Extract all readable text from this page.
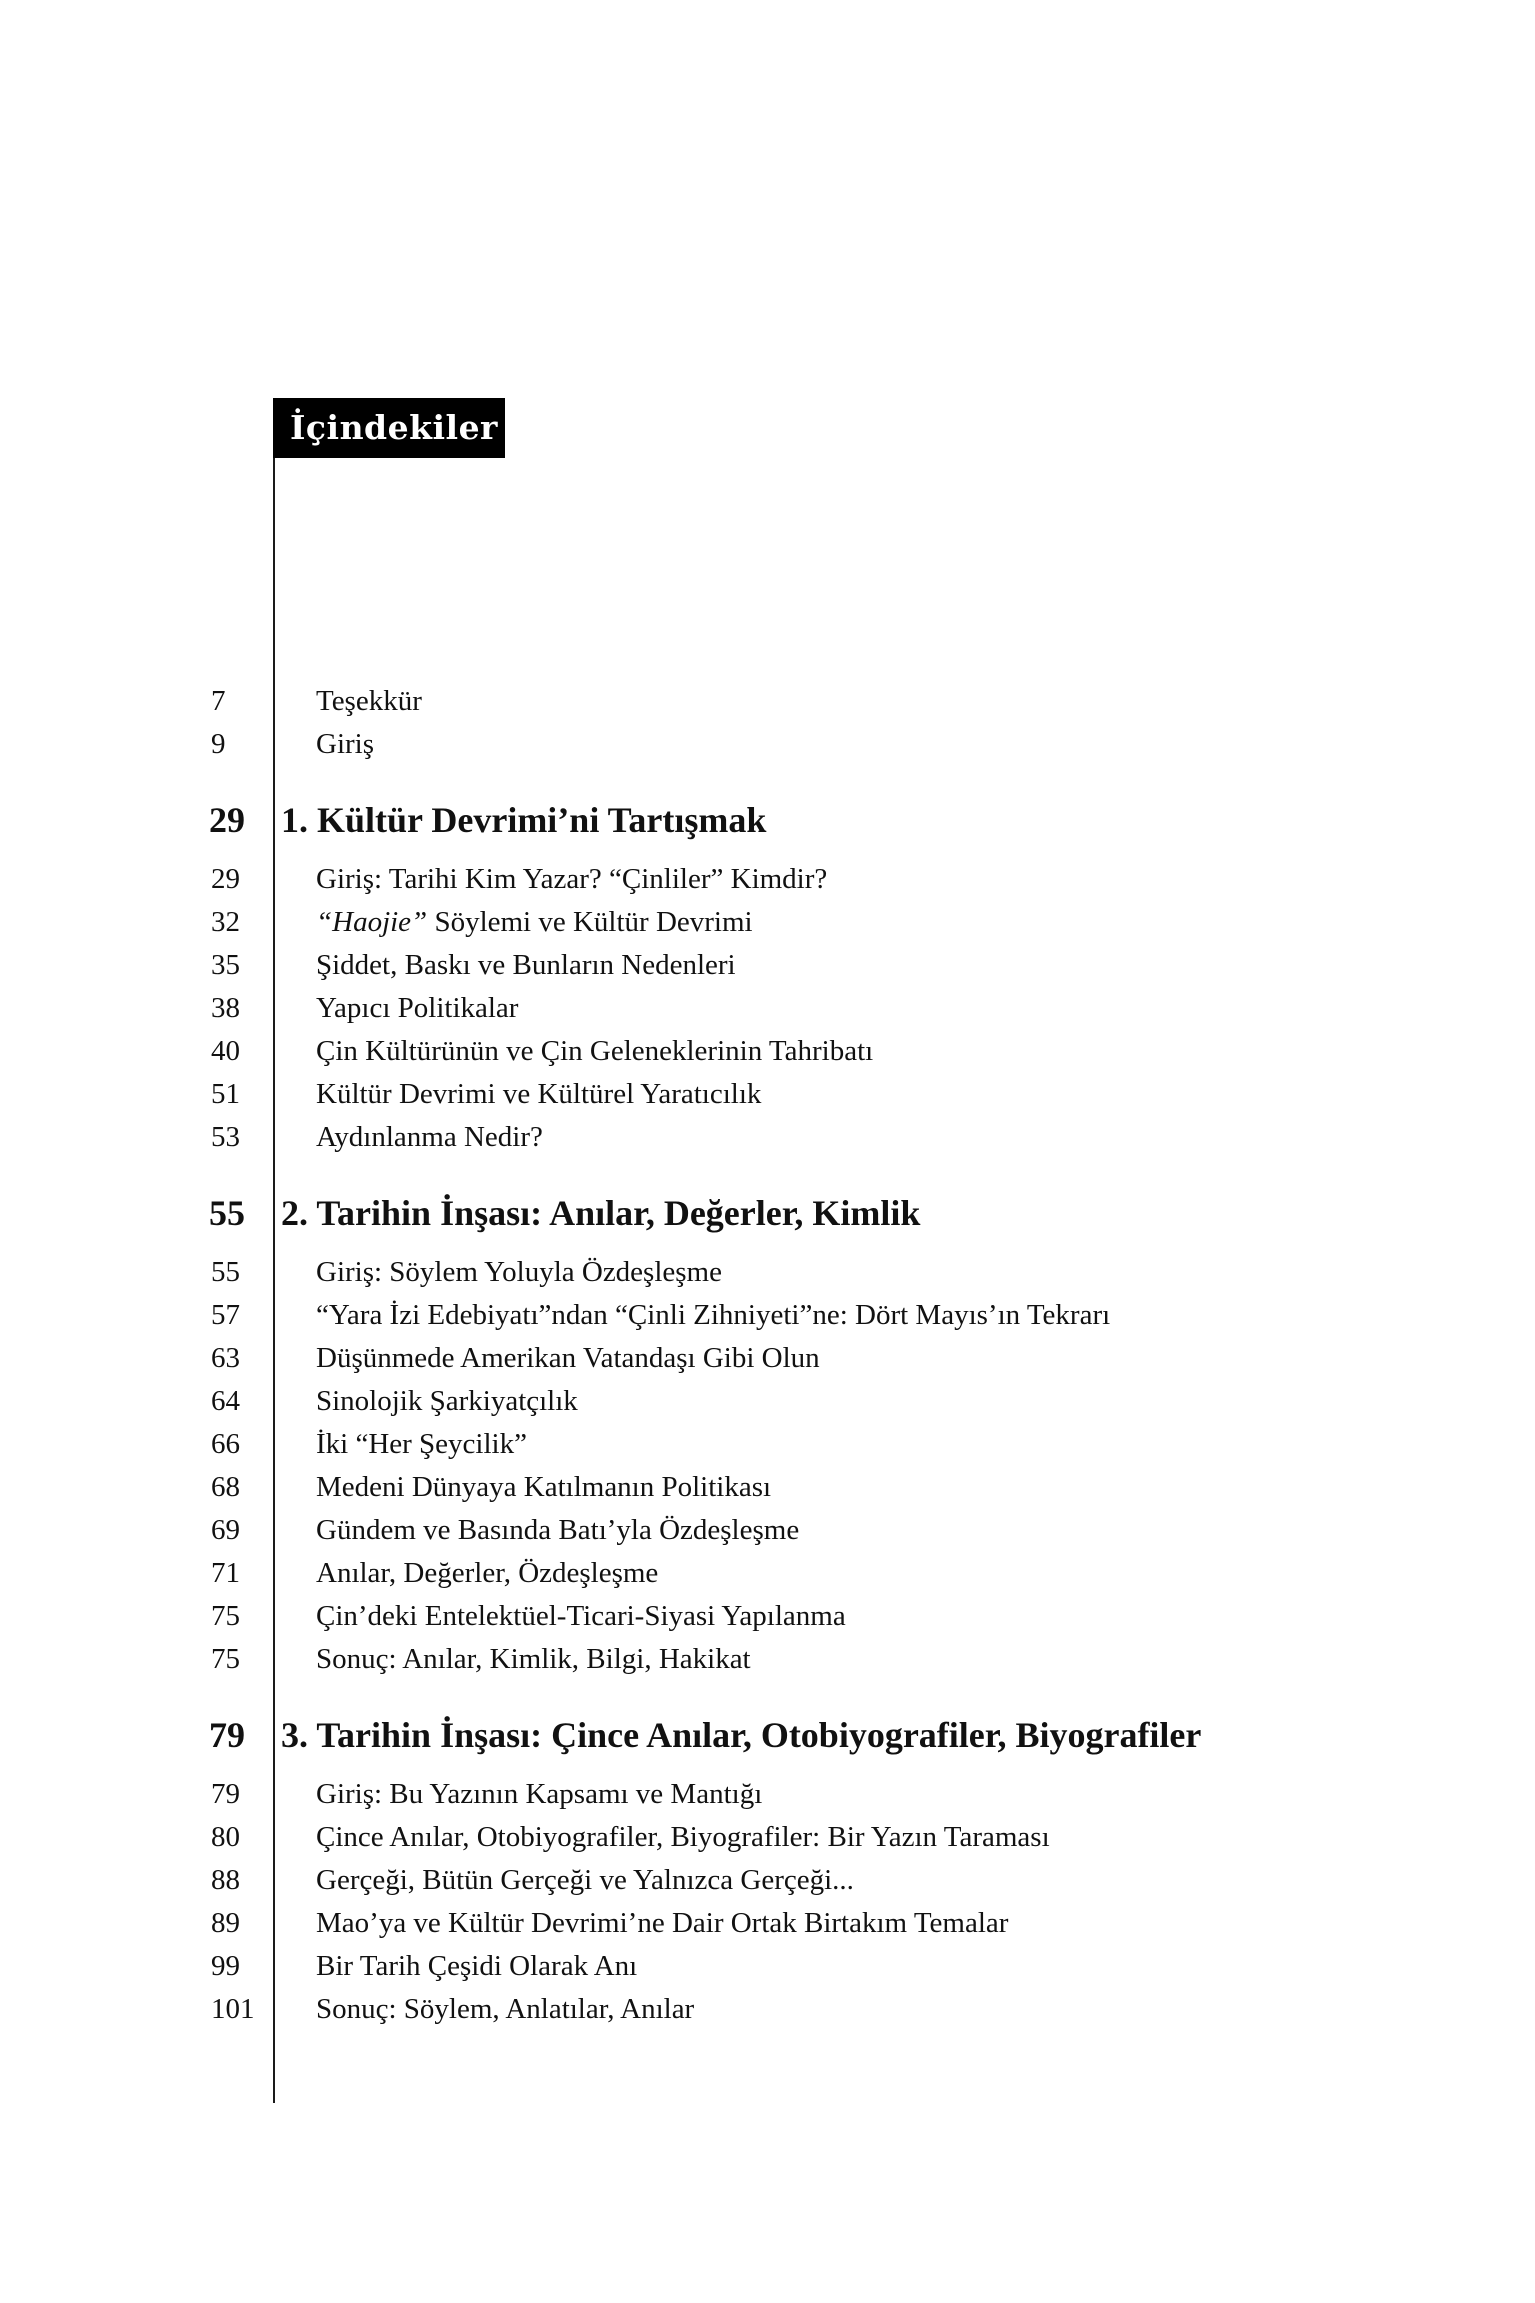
İçindekiler
7	Teşekkür
9	Giriş
29 1. Kültür Devrimi’ni Tartışmak
29	Giriş: Tarihi Kim Yazar? “Çinliler” Kimdir?
32	“Haojie” Söylemi ve Kültür Devrimi
35	Şiddet, Baskı ve Bunların Nedenleri
38	Yapıcı Politikalar
40	Çin Kültürünün ve Çin Geleneklerinin Tahribatı
51	Kültür Devrimi ve Kültürel Yaratıcılık
53	Aydınlanma Nedir?
55 2. Tarihin İnşası: Anılar, Değerler, Kimlik
55	Giriş: Söylem Yoluyla Özdeşleşme
57	“Yara İzi Edebiyatı”ndan “Çinli Zihniyeti”ne: Dört Mayıs’ın Tekrarı
63	Düşünmede Amerikan Vatandaşı Gibi Olun
64	Sinolojik Şarkiyatçılık
66	İki “Her Şeycilik”
68	Medeni Dünyaya Katılmanın Politikası
69	Gündem ve Basında Batı’yla Özdeşleşme
71	Anılar, Değerler, Özdeşleşme
75	Çin’deki Entelektüel-Ticari-Siyasi Yapılanma
75	Sonuç: Anılar, Kimlik, Bilgi, Hakikat
79 3. Tarihin İnşası: Çince Anılar, Otobiyografiler, Biyografiler
79	Giriş: Bu Yazının Kapsamı ve Mantığı
80	Çince Anılar, Otobiyografiler, Biyografiler: Bir Yazın Taraması
88	Gerçeği, Bütün Gerçeği ve Yalnızca Gerçeği...
89	Mao’ya ve Kültür Devrimi’ne Dair Ortak Birtakım Temalar
99	Bir Tarih Çeşidi Olarak Anı
101 Sonuç: Söylem, Anlatılar, Anılar
